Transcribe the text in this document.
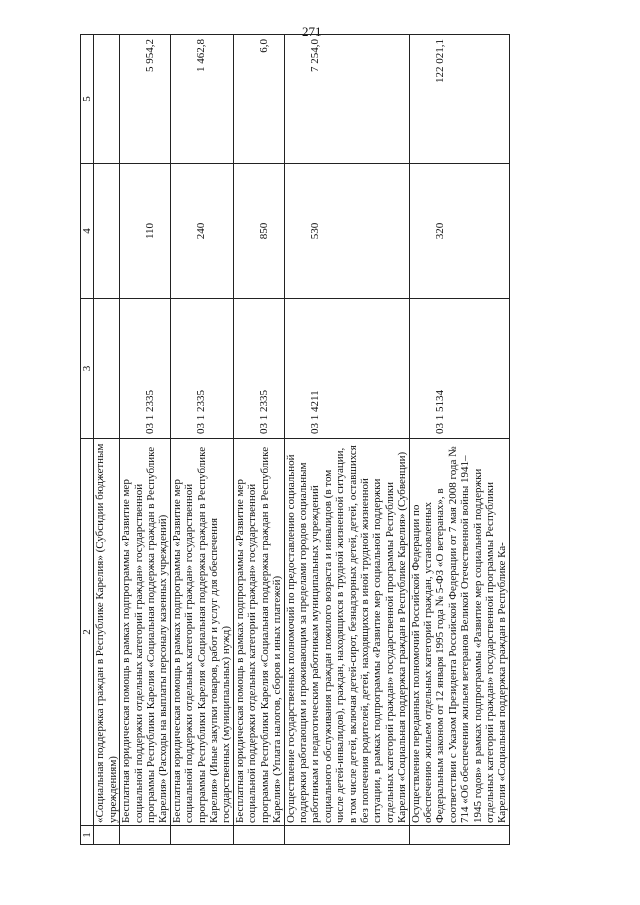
271
1	2	3	4	5
	«Социальная поддержка граждан в Республике Карелия» (Субсидии бюджетным учреждениям)			
	Бесплатная юридическая помощь в рамках подпрограммы «Развитие мер социальной поддержки отдельных категорий граждан» государственной программы Республики Карелия «Социальная поддержка граждан в Республике Карелия» (Расходы на выплаты персоналу казенных учреждений)	03 1 2335	110	5 954,2
	Бесплатная юридическая помощь в рамках подпрограммы «Развитие мер социальной поддержки отдельных категорий граждан» государственной программы Республики Карелия «Социальная поддержка граждан в Республике Карелия» (Иные закупки товаров, работ и услуг для обеспечения государственных (муниципальных) нужд)	03 1 2335	240	1 462,8
	Бесплатная юридическая помощь в рамках подпрограммы «Развитие мер социальной поддержки отдельных категорий граждан» государственной программы Республики Карелия «Социальная поддержка граждан в Республике Карелия» (Уплата налогов, сборов и иных платежей)	03 1 2335	850	6,0
	Осуществление государственных полномочий по предоставлению социальной поддержки работающим и проживающим за пределами городов социальным работникам и педагогическим работникам муниципальных учреждений социального обслуживания граждан пожилого возраста и инвалидов (в том числе детей-инвалидов), граждан, находящихся в трудной жизненной ситуации, в том числе детей, включая детей-сирот, безнадзорных детей, детей, оставшихся без попечения родителей, детей, находящихся в иной трудной жизненной ситуации, в рамках подпрограммы «Развитие мер социальной поддержки отдельных категорий граждан» государственной программы Республики Карелия «Социальная поддержка граждан в Республике Карелия» (Субвенции)	03 1 4211	530	7 254,0
	Осуществление переданных полномочий Российской Федерации по обеспечению жильем отдельных категорий граждан, установленных Федеральным законом от 12 января 1995 года № 5-ФЗ «О ветеранах», в соответствии с Указом Президента Российской Федерации от 7 мая 2008 года № 714 «Об обеспечении жильем ветеранов Великой Отечественной войны 1941–1945 годов» в рамках подпрограммы «Развитие мер социальной поддержки отдельных категорий граждан» государственной программы Республики Карелия «Социальная поддержка граждан в Республике Ка-	03 1 5134	320	122 021,1
